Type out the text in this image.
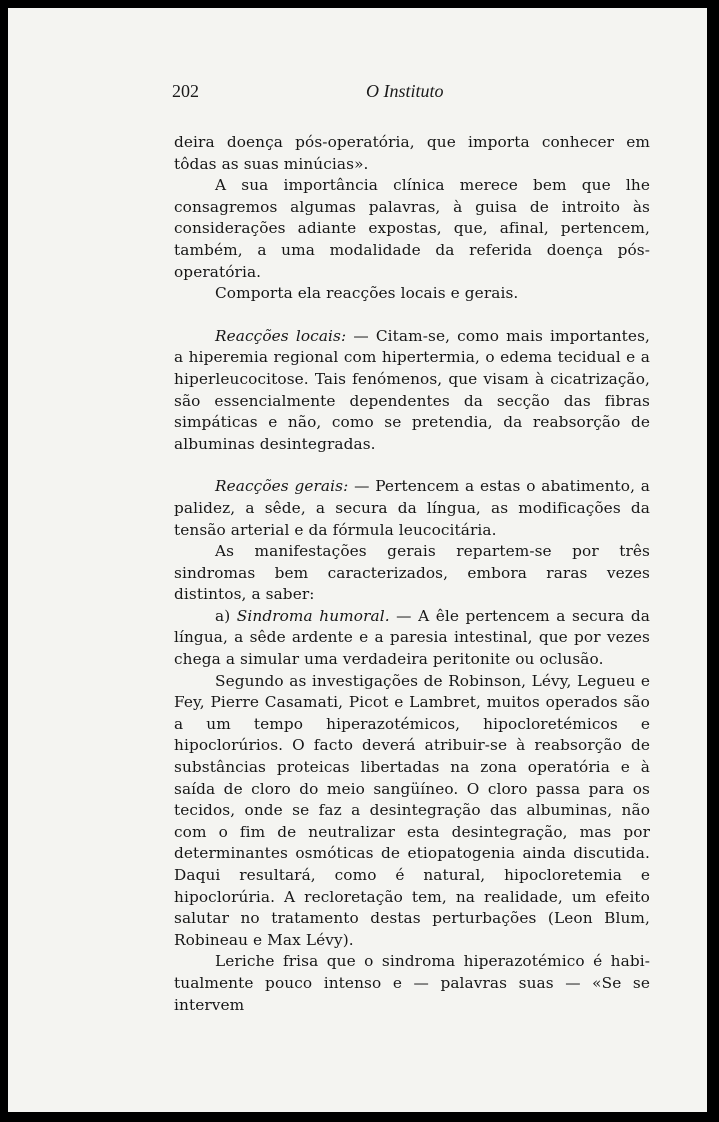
202	O Instituto

deira doença pós-operatória, que importa conhecer em tôdas as suas minúcias».

A sua importância clínica merece bem que lhe consagremos algumas palavras, à guisa de introito às considerações adiante expostas, que, afinal, pertencem, também, a uma modalidade da referida doença pós-operatória.

Comporta ela reacções locais e gerais.

Reacções locais: — Citam-se, como mais importantes, a hiperemia regional com hipertermia, o edema tecidual e a hiperleucocitose. Tais fenómenos, que visam à cicatrização, são essencialmente dependentes da secção das fibras simpáticas e não, como se pretendia, da reabsorção de albuminas desintegradas.

Reacções gerais: — Pertencem a estas o abatimento, a palidez, a sêde, a secura da língua, as modificações da tensão arterial e da fórmula leucocitária.

As manifestações gerais repartem-se por três sindromas bem caracterizados, embora raras vezes distintos, a saber:

a) Sindroma humoral. — A êle pertencem a secura da língua, a sêde ardente e a paresia intestinal, que por vezes chega a simular uma verdadeira peritonite ou oclusão.

Segundo as investigações de Robinson, Lévy, Legueu e Fey, Pierre Casamati, Picot e Lambret, muitos operados são a um tempo hiperazotémicos, hipocloretémicos e hipoclorúrios. O facto deverá atribuir-se à reabsorção de substâncias proteicas libertadas na zona operatória e à saída de cloro do meio sangüíneo. O cloro passa para os tecidos, onde se faz a desintegração das albuminas, não com o fim de neutralizar esta desintegração, mas por determinantes osmóticas de etiopatogenia ainda discutida. Daqui resultará, como é natural, hipocloretemia e hipoclorúria. A recloretação tem, na realidade, um efeito salutar no tratamento destas perturbações (Leon Blum, Robineau e Max Lévy).

Leriche frisa que o sindroma hiperazotémico é habi-
tualmente pouco intenso e — palavras suas — «Se se intervem
